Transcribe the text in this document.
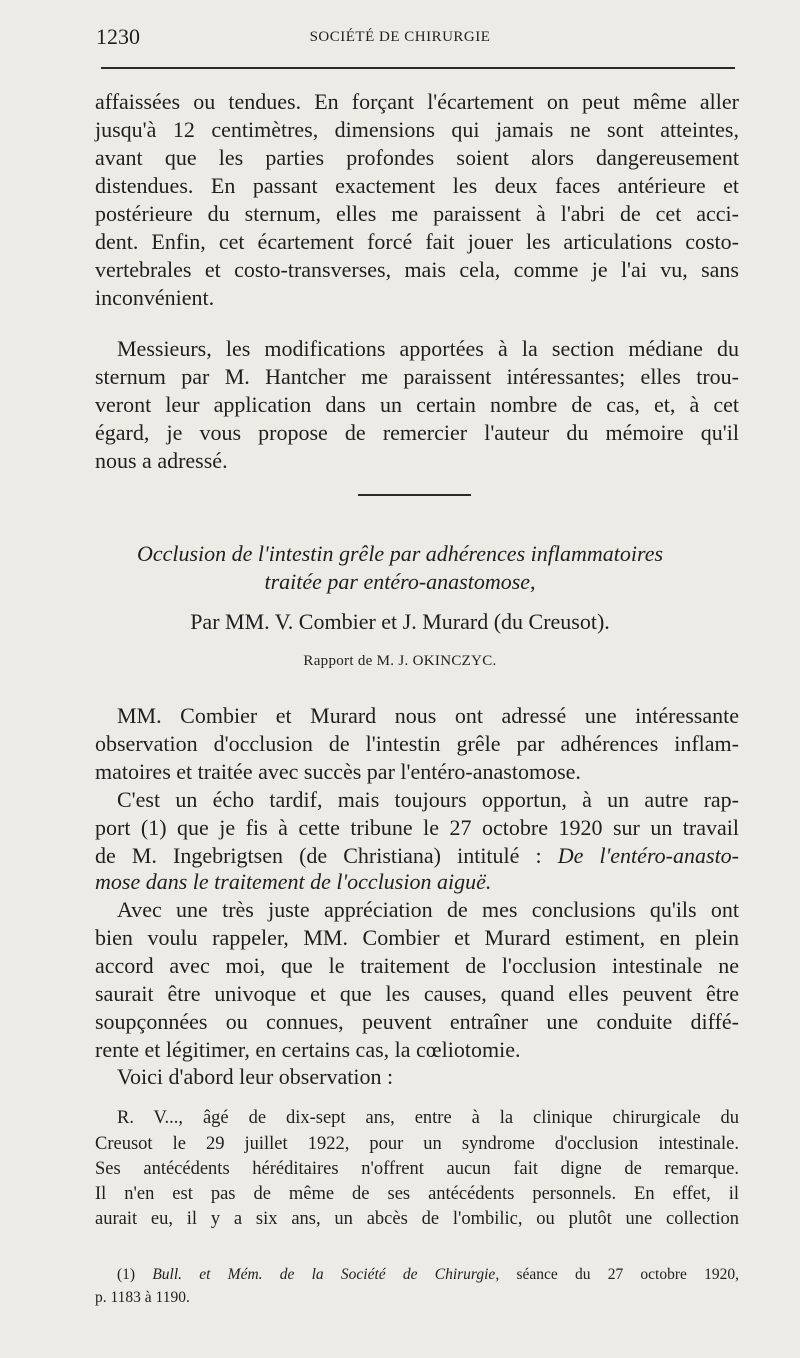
1230	SOCIÉTÉ DE CHIRURGIE
affaissées ou tendues. En forçant l'écartement on peut même aller
jusqu'à 12 centimètres, dimensions qui jamais ne sont atteintes,
avant que les parties profondes soient alors dangereusement
distendues. En passant exactement les deux faces antérieure et
postérieure du sternum, elles me paraissent à l'abri de cet acci-
dent. Enfin, cet écartement forcé fait jouer les articulations costo-
vertebrales et costo-transverses, mais cela, comme je l'ai vu, sans
inconvénient.
Messieurs, les modifications apportées à la section médiane du
sternum par M. Hantcher me paraissent intéressantes; elles trou-
veront leur application dans un certain nombre de cas, et, à cet
égard, je vous propose de remercier l'auteur du mémoire qu'il
nous a adressé.
Occlusion de l'intestin grêle par adhérences inflammatoires
traitée par entéro-anastomose,
Par MM. V. Combier et J. Murard (du Creusot).
Rapport de M. J. OKINCZYC.
MM. Combier et Murard nous ont adressé une intéressante
observation d'occlusion de l'intestin grêle par adhérences inflam-
matoires et traitée avec succès par l'entéro-anastomose.
C'est un écho tardif, mais toujours opportun, à un autre rap-
port (1) que je fis à cette tribune le 27 octobre 1920 sur un travail
de M. Ingebrigtsen (de Christiana) intitulé : De l'entéro-anasto-
mose dans le traitement de l'occlusion aiguë.
Avec une très juste appréciation de mes conclusions qu'ils ont
bien voulu rappeler, MM. Combier et Murard estiment, en plein
accord avec moi, que le traitement de l'occlusion intestinale ne
saurait être univoque et que les causes, quand elles peuvent être
soupçonnées ou connues, peuvent entraîner une conduite diffé-
rente et légitimer, en certains cas, la cœliotomie.
Voici d'abord leur observation :
R. V..., âgé de dix-sept ans, entre à la clinique chirurgicale du
Creusot le 29 juillet 1922, pour un syndrome d'occlusion intestinale.
Ses antécédents héréditaires n'offrent aucun fait digne de remarque.
Il n'en est pas de même de ses antécédents personnels. En effet, il
aurait eu, il y a six ans, un abcès de l'ombilic, ou plutôt une collection
(1) Bull. et Mém. de la Société de Chirurgie, séance du 27 octobre 1920,
p. 1183 à 1190.
